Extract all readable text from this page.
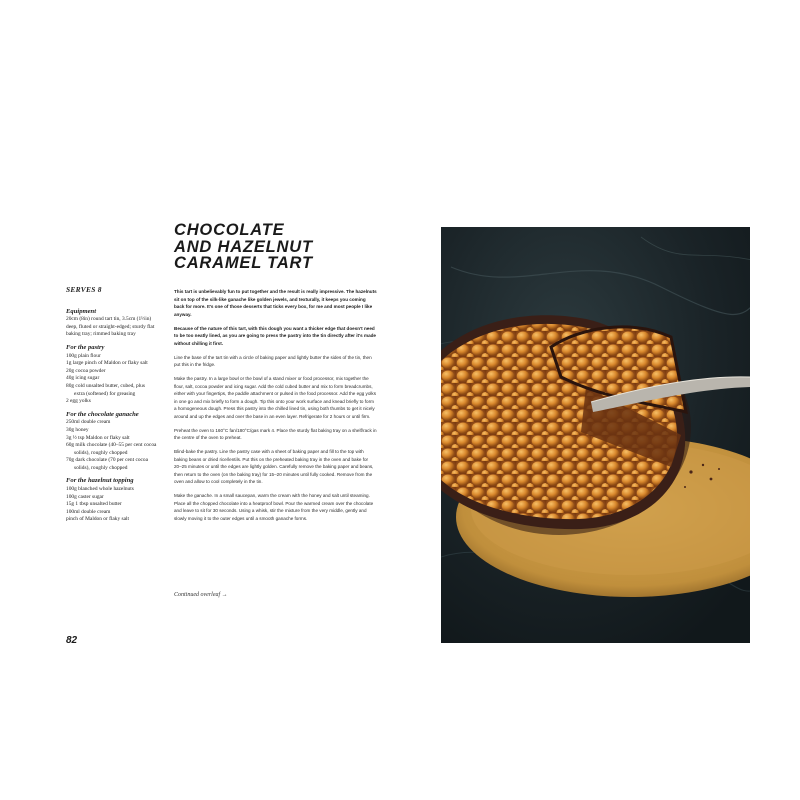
CHOCOLATE
AND HAZELNUT
CARAMEL TART
SERVES 8
Equipment
20cm (8in) round tart tin, 3.5cm (1½in) deep, fluted or straight-edged; sturdy flat baking tray; rimmed baking tray
For the pastry
100g plain flour
1g large pinch of Maldon or flaky salt
20g cocoa powder
40g icing sugar
80g cold unsalted butter, cubed, plus
extra (softened) for greasing
2 egg yolks
For the chocolate ganache
250ml double cream
30g honey
3g ½ tsp Maldon or flaky salt
60g milk chocolate (40–55 per cent cocoa
solids), roughly chopped
70g dark chocolate (70 per cent cocoa
solids), roughly chopped
For the hazelnut topping
100g blanched whole hazelnuts
100g caster sugar
15g 1 tbsp unsalted butter
100ml double cream
pinch of Maldon or flaky salt

This tart is unbelievably fun to put together and the result is really impressive. The hazelnuts sit on top of the silk-like ganache like golden jewels, and texturally, it keeps you coming back for more. It's one of those desserts that ticks every box, for me and most people I like anyway.

Because of the nature of this tart, with this dough you want a thicker edge that doesn't need to be too neatly lined, as you are going to press the pastry into the tin directly after it's made without chilling it first.

Line the base of the tart tin with a circle of baking paper and lightly butter the sides of the tin, then put this in the fridge.

Make the pastry. In a large bowl or the bowl of a stand mixer or food processor, mix together the flour, salt, cocoa powder and icing sugar. Add the cold cubed butter and mix to form breadcrumbs, either with your fingertips, the paddle attachment or pulsed in the food processor. Add the egg yolks in one go and mix briefly to form a dough. Tip this onto your work surface and knead briefly to form a homogeneous dough. Press this pastry into the chilled lined tin, using both thumbs to get it nicely around and up the edges and over the base in an even layer. Refrigerate for 2 hours or until firm.

Preheat the oven to 160°C fan/180°C/gas mark 4. Place the sturdy flat baking tray on a shelf/rack in the centre of the oven to preheat.

Blind-bake the pastry. Line the pastry case with a sheet of baking paper and fill to the top with baking beans or dried rice/lentils. Put this on the preheated baking tray in the oven and bake for 20–25 minutes or until the edges are lightly golden. Carefully remove the baking paper and beans, then return to the oven (on the baking tray) for 15–20 minutes until fully cooked. Remove from the oven and allow to cool completely in the tin.

Make the ganache. In a small saucepan, warm the cream with the honey and salt until steaming. Place all the chopped chocolate into a heatproof bowl. Pour the warmed cream over the chocolate and leave to sit for 30 seconds. Using a whisk, stir the mixture from the very middle, gently and slowly moving it to the outer edges until a smooth ganache forms.

Continued overleaf →
82
